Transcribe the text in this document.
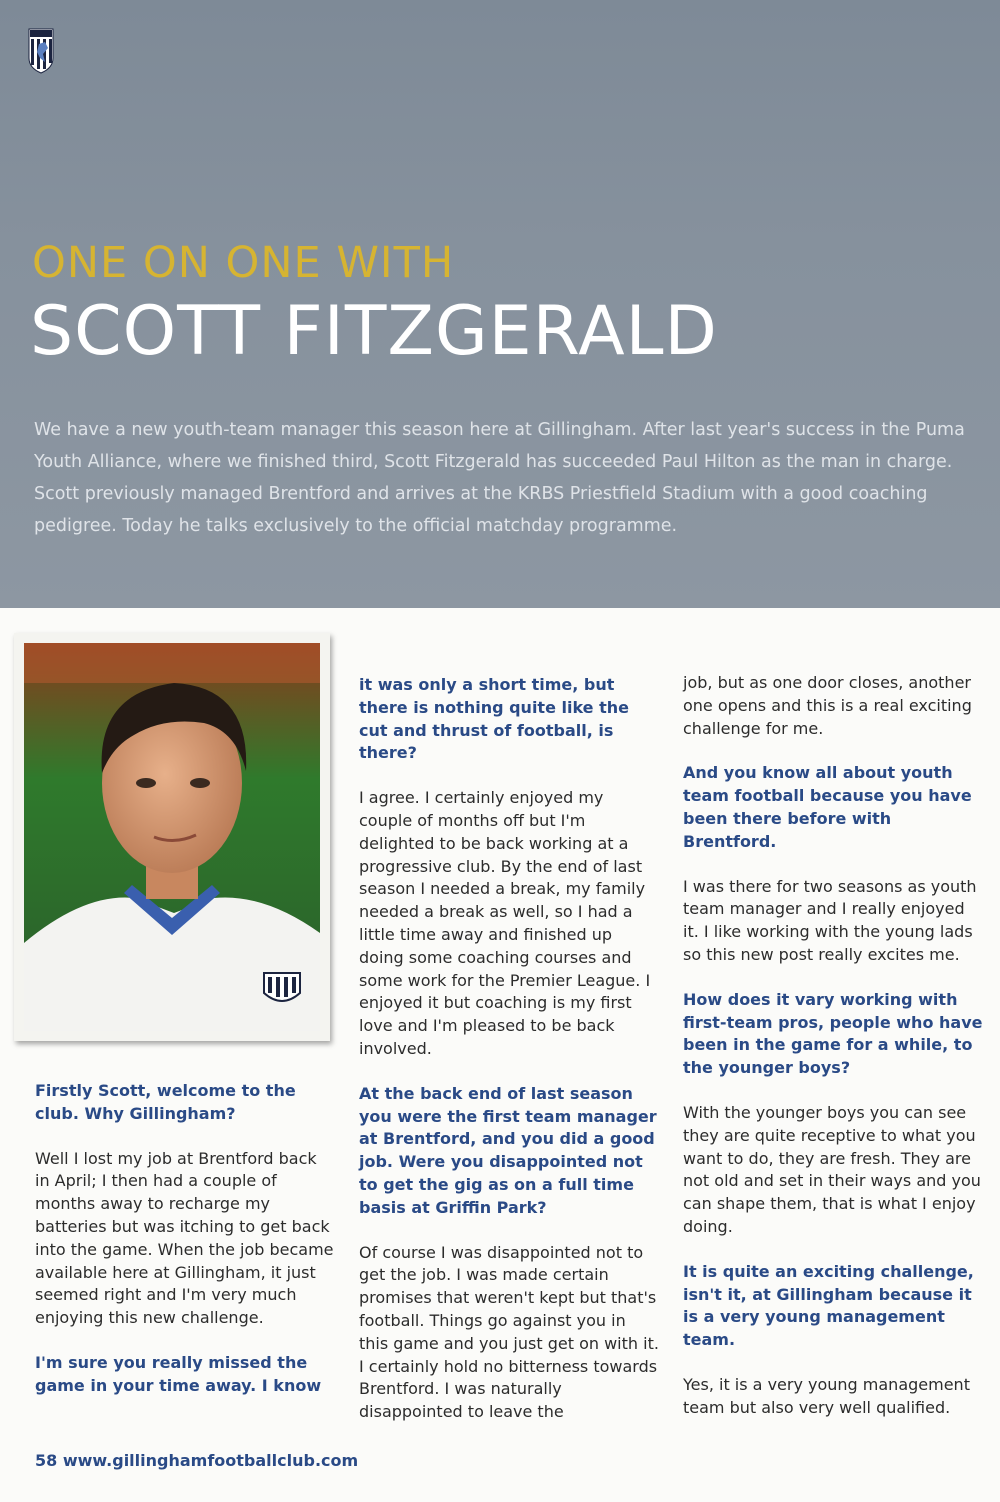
ONE ON ONE WITH
SCOTT FITZGERALD

We have a new youth-team manager this season here at Gillingham. After last year's success in the Puma Youth Alliance, where we finished third, Scott Fitzgerald has succeeded Paul Hilton as the man in charge. Scott previously managed Brentford and arrives at the KRBS Priestfield Stadium with a good coaching pedigree. Today he talks exclusively to the official matchday programme.

Firstly Scott, welcome to the club. Why Gillingham?

Well I lost my job at Brentford back in April; I then had a couple of months away to recharge my batteries but was itching to get back into the game. When the job became available here at Gillingham, it just seemed right and I'm very much enjoying this new challenge.

I'm sure you really missed the game in your time away. I know

it was only a short time, but there is nothing quite like the cut and thrust of football, is there?

I agree. I certainly enjoyed my couple of months off but I'm delighted to be back working at a progressive club. By the end of last season I needed a break, my family needed a break as well, so I had a little time away and finished up doing some coaching courses and some work for the Premier League. I enjoyed it but coaching is my first love and I'm pleased to be back involved.

At the back end of last season you were the first team manager at Brentford, and you did a good job. Were you disappointed not to get the gig as on a full time basis at Griffin Park?

Of course I was disappointed not to get the job. I was made certain promises that weren't kept but that's football. Things go against you in this game and you just get on with it. I certainly hold no bitterness towards Brentford. I was naturally disappointed to leave the

job, but as one door closes, another one opens and this is a real exciting challenge for me.

And you know all about youth team football because you have been there before with Brentford.

I was there for two seasons as youth team manager and I really enjoyed it. I like working with the young lads so this new post really excites me.

How does it vary working with first-team pros, people who have been in the game for a while, to the younger boys?

With the younger boys you can see they are quite receptive to what you want to do, they are fresh. They are not old and set in their ways and you can shape them, that is what I enjoy doing.

It is quite an exciting challenge, isn't it, at Gillingham because it is a very young management team.

Yes, it is a very young management team but also very well qualified.

58 www.gillinghamfootballclub.com
